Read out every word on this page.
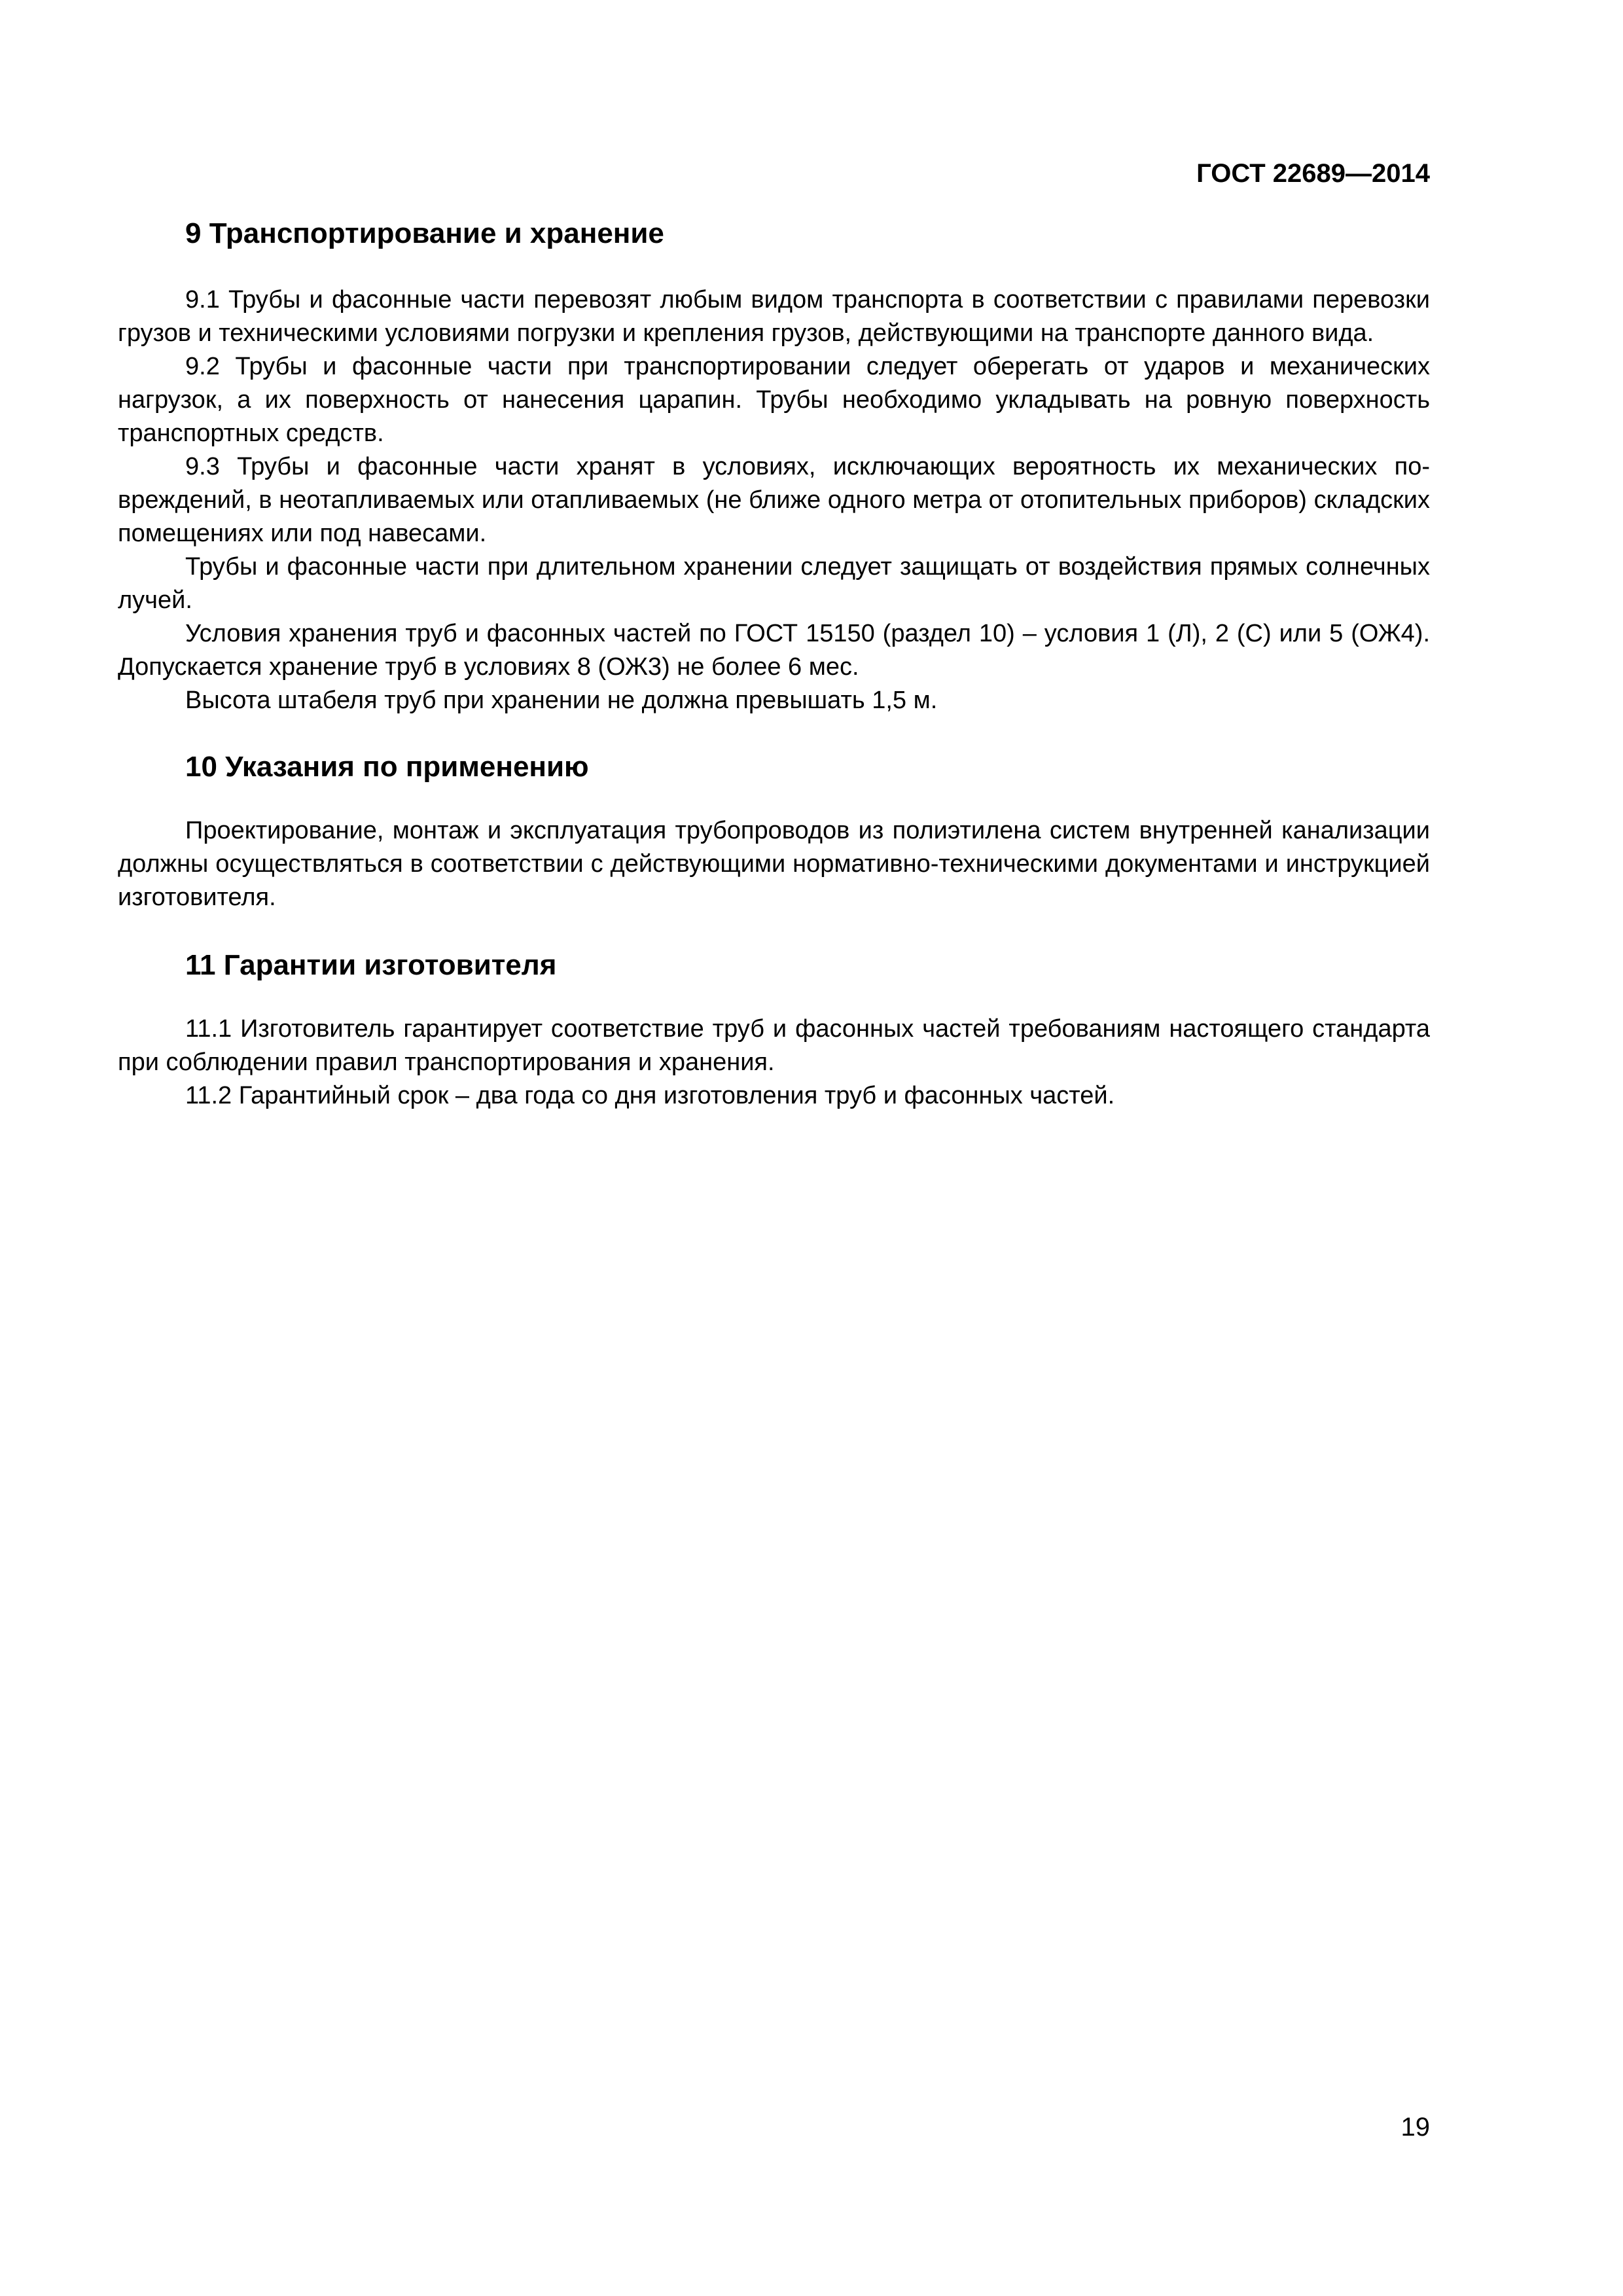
ГОСТ 22689—2014
9 Транспортирование и хранение

9.1 Трубы и фасонные части перевозят любым видом транспорта в соответствии с правилами перевозки грузов и техническими условиями погрузки и крепления грузов, действующими на транспорте данного вида.

9.2 Трубы и фасонные части при транспортировании следует оберегать от ударов и механических нагрузок, а их поверхность от нанесения царапин. Трубы необходимо укладывать на ровную поверхность транспортных средств.

9.3 Трубы и фасонные части хранят в условиях, исключающих вероятность их механических повреждений, в неотапливаемых или отапливаемых (не ближе одного метра от отопительных приборов) складских помещениях или под навесами.

Трубы и фасонные части при длительном хранении следует защищать от воздействия прямых солнечных лучей.

Условия хранения труб и фасонных частей по ГОСТ 15150 (раздел 10) – условия 1 (Л), 2 (С) или 5 (ОЖ4). Допускается хранение труб в условиях 8 (ОЖ3) не более 6 мес.

Высота штабеля труб при хранении не должна превышать 1,5 м.

10 Указания по применению

Проектирование, монтаж и эксплуатация трубопроводов из полиэтилена систем внутренней канализации должны осуществляться в соответствии с действующими нормативно-техническими документами и инструкцией изготовителя.

11 Гарантии изготовителя

11.1 Изготовитель гарантирует соответствие труб и фасонных частей требованиям настоящего стандарта при соблюдении правил транспортирования и хранения.

11.2 Гарантийный срок – два года со дня изготовления труб и фасонных частей.

19
